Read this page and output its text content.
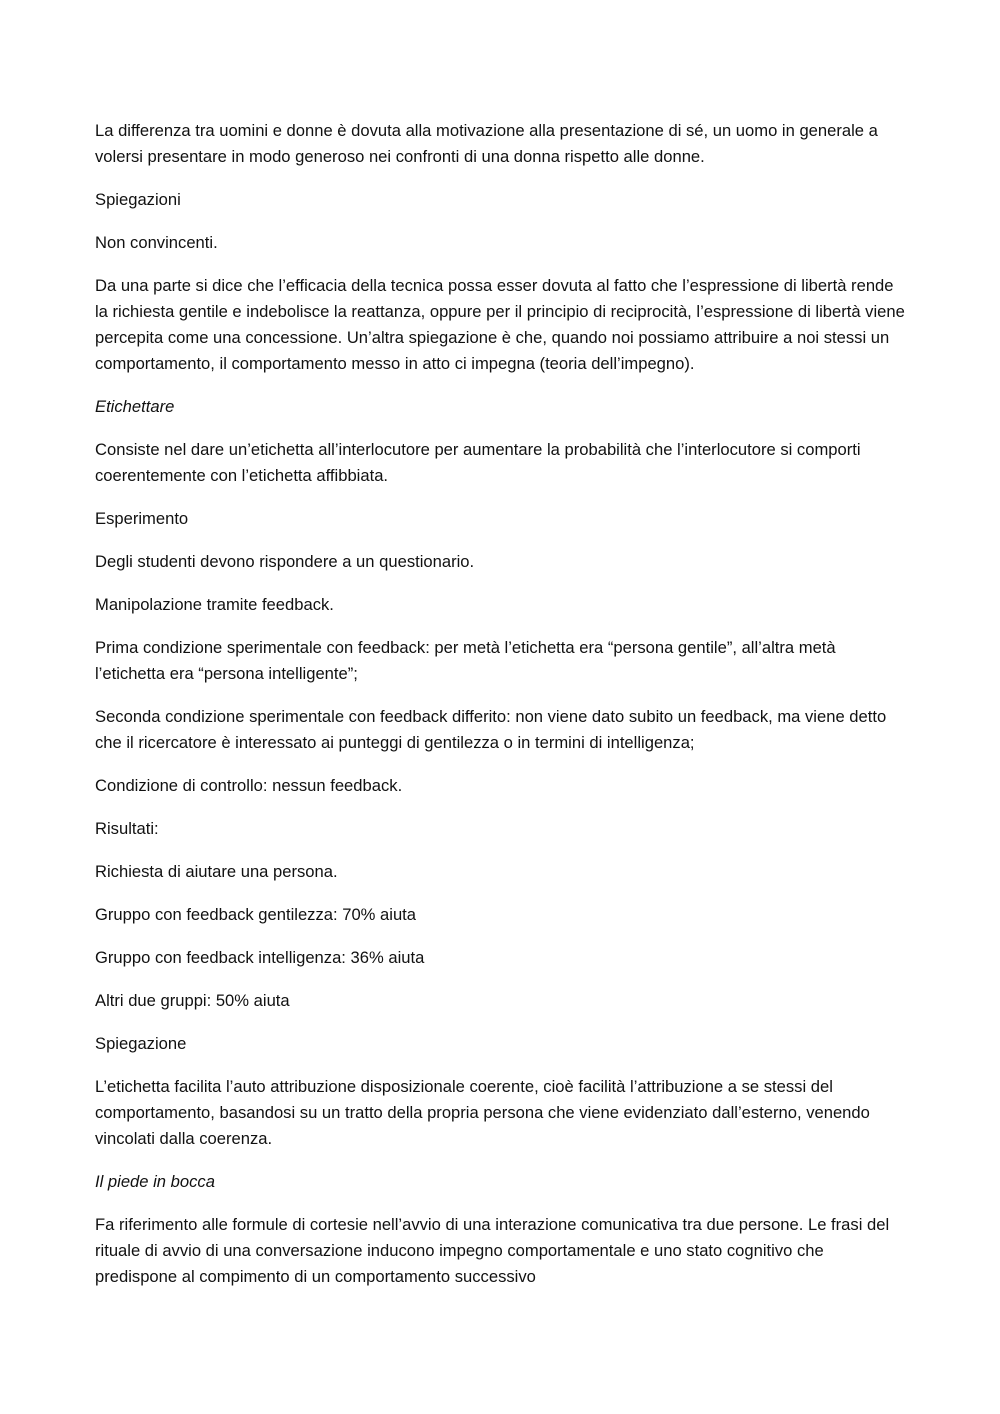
La differenza tra uomini e donne è dovuta alla motivazione alla presentazione di sé, un uomo in generale a volersi presentare in modo generoso nei confronti di una donna rispetto alle donne.

Spiegazioni

Non convincenti.

Da una parte si dice che l’efficacia della tecnica possa esser dovuta al fatto che l’espressione di libertà rende la richiesta gentile e indebolisce la reattanza, oppure per il principio di reciprocità, l’espressione di libertà viene percepita come una concessione. Un’altra spiegazione è che, quando noi possiamo attribuire a noi stessi un comportamento, il comportamento messo in atto ci impegna (teoria dell’impegno).

Etichettare

Consiste nel dare un’etichetta all’interlocutore per aumentare la probabilità che l’interlocutore si comporti coerentemente con l’etichetta affibbiata.

Esperimento

Degli studenti devono rispondere a un questionario.

Manipolazione tramite feedback.

Prima condizione sperimentale con feedback: per metà l’etichetta era “persona gentile”, all’altra metà l’etichetta era “persona intelligente”;

Seconda condizione sperimentale con feedback differito: non viene dato subito un feedback, ma viene detto che il ricercatore è interessato ai punteggi di gentilezza o in termini di intelligenza;

Condizione di controllo: nessun feedback.

Risultati:

Richiesta di aiutare una persona.

Gruppo con feedback gentilezza: 70% aiuta

Gruppo con feedback intelligenza: 36% aiuta

Altri due gruppi: 50% aiuta

Spiegazione

L’etichetta facilita l’auto attribuzione disposizionale coerente, cioè facilità l’attribuzione a se stessi del comportamento, basandosi su un tratto della propria persona che viene evidenziato dall’esterno, venendo vincolati dalla coerenza.

Il piede in bocca

Fa riferimento alle formule di cortesie nell’avvio di una interazione comunicativa tra due persone. Le frasi del rituale di avvio di una conversazione inducono impegno comportamentale e uno stato cognitivo che predispone al compimento di un comportamento successivo
